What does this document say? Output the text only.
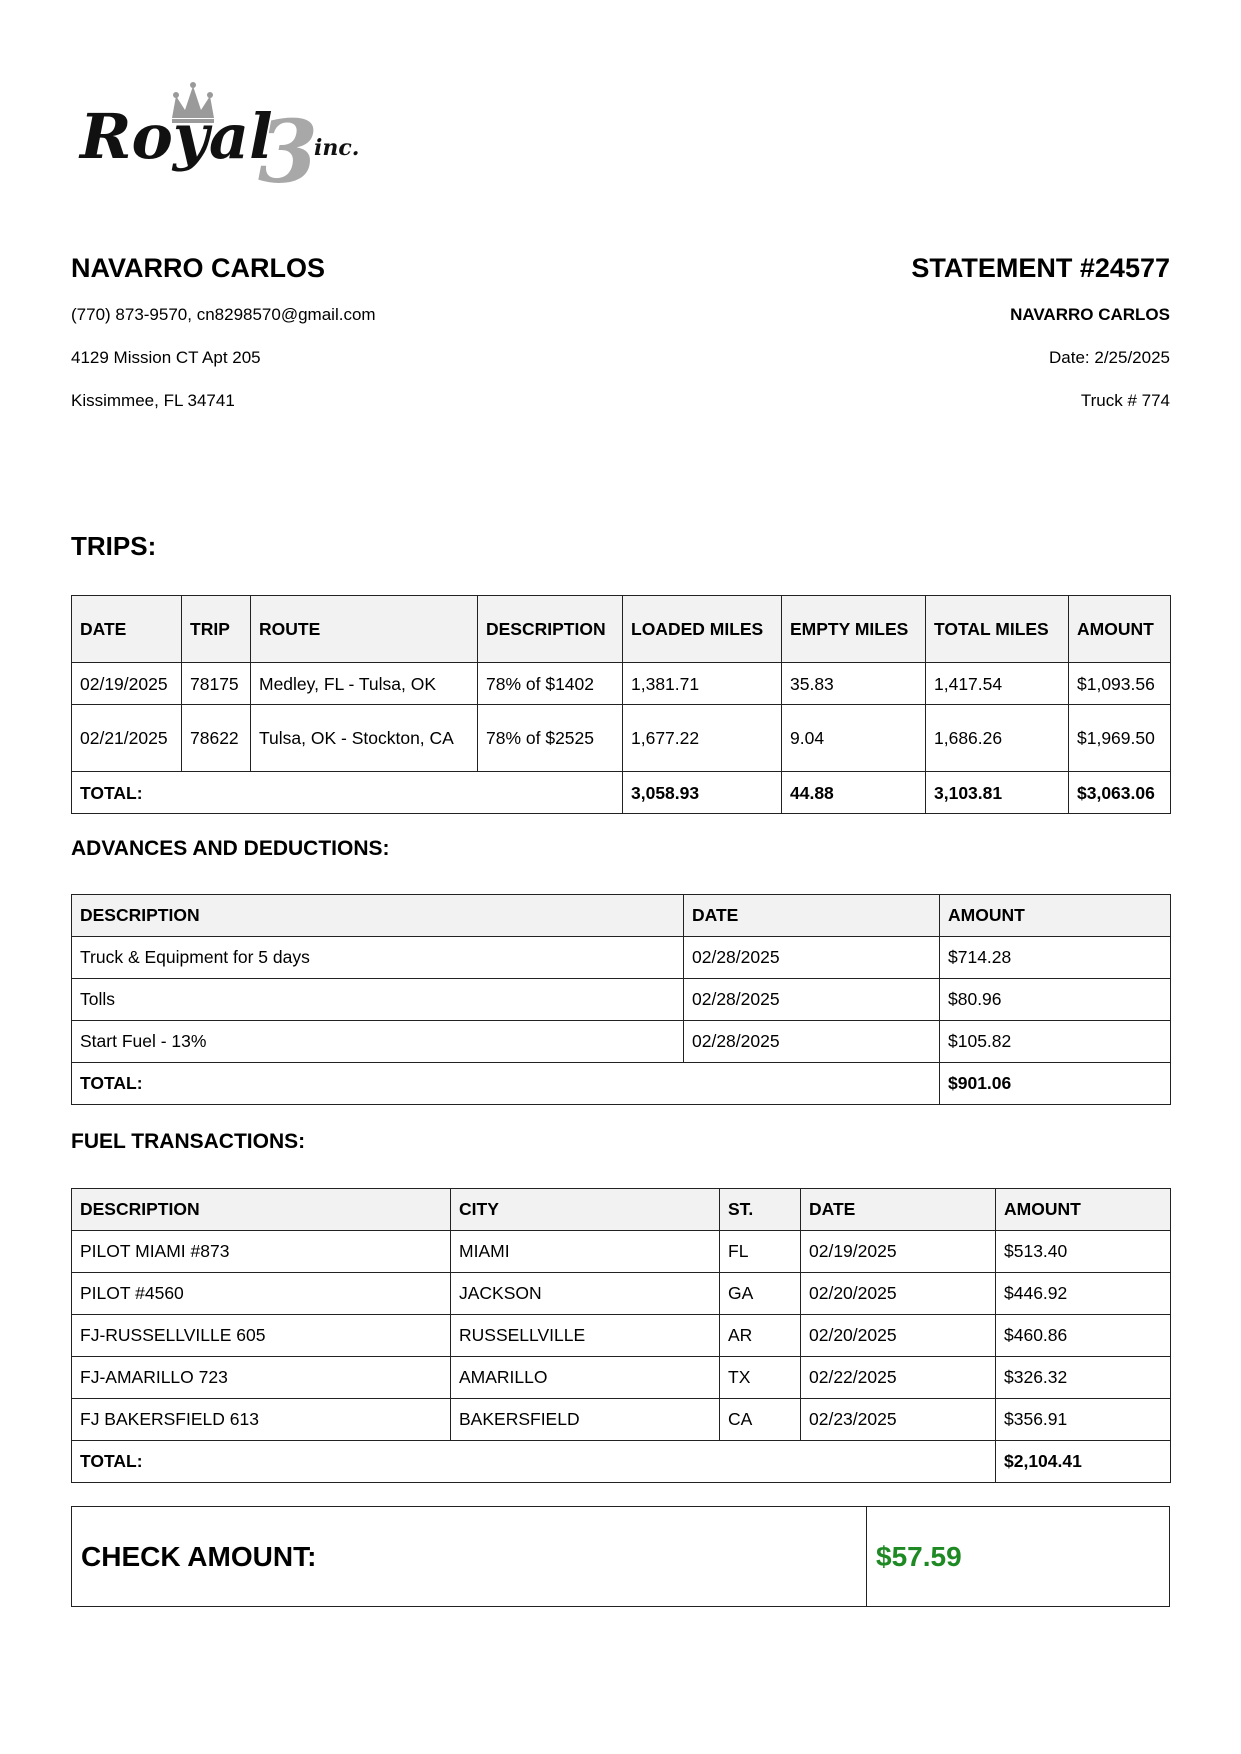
3
Royal inc.
NAVARRO CARLOS
(770) 873-9570, cn8298570@gmail.com
4129 Mission CT Apt 205
Kissimmee, FL 34741
STATEMENT #24577
NAVARRO CARLOS
Date: 2/25/2025
Truck # 774
TRIPS:
DATE	TRIP	ROUTE	DESCRIPTION	LOADED MILES	EMPTY MILES	TOTAL MILES	AMOUNT
02/19/2025	78175	Medley, FL - Tulsa, OK	78% of $1402	1,381.71	35.83	1,417.54	$1,093.56
02/21/2025	78622	Tulsa, OK - Stockton, CA	78% of $2525	1,677.22	9.04	1,686.26	$1,969.50
TOTAL:				3,058.93	44.88	3,103.81	$3,063.06
ADVANCES AND DEDUCTIONS:
DESCRIPTION	DATE	AMOUNT
Truck & Equipment for 5 days	02/28/2025	$714.28
Tolls	02/28/2025	$80.96
Start Fuel - 13%	02/28/2025	$105.82
TOTAL:		$901.06
FUEL TRANSACTIONS:
DESCRIPTION	CITY	ST.	DATE	AMOUNT
PILOT MIAMI #873	MIAMI	FL	02/19/2025	$513.40
PILOT #4560	JACKSON	GA	02/20/2025	$446.92
FJ-RUSSELLVILLE 605	RUSSELLVILLE	AR	02/20/2025	$460.86
FJ-AMARILLO 723	AMARILLO	TX	02/22/2025	$326.32
FJ BAKERSFIELD 613	BAKERSFIELD	CA	02/23/2025	$356.91
TOTAL:				$2,104.41
CHECK AMOUNT:	$57.59
